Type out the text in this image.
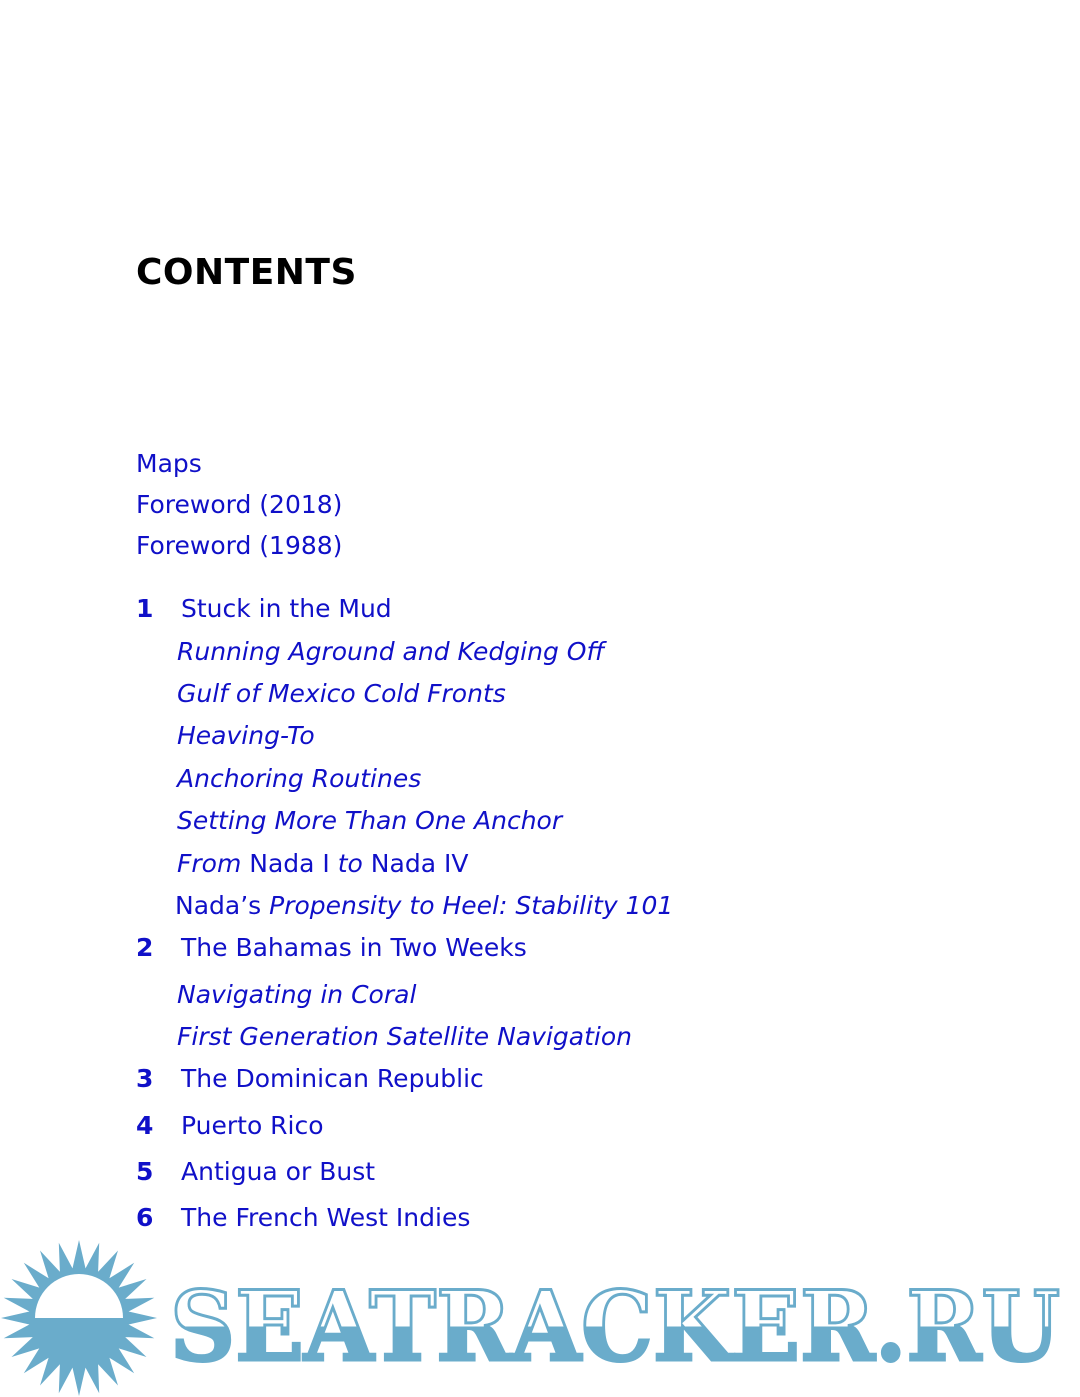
CONTENTS
Maps
Foreword (2018)
Foreword (1988)
1 Stuck in the Mud
Running Aground and Kedging Off
Gulf of Mexico Cold Fronts
Heaving-To
Anchoring Routines
Setting More Than One Anchor
From Nada I to Nada IV
Nada’s Propensity to Heel: Stability 101
2 The Bahamas in Two Weeks
Navigating in Coral
First Generation Satellite Navigation
3 The Dominican Republic
4 Puerto Rico
5 Antigua or Bust
6 The French West Indies
SEATRACKER.RU
